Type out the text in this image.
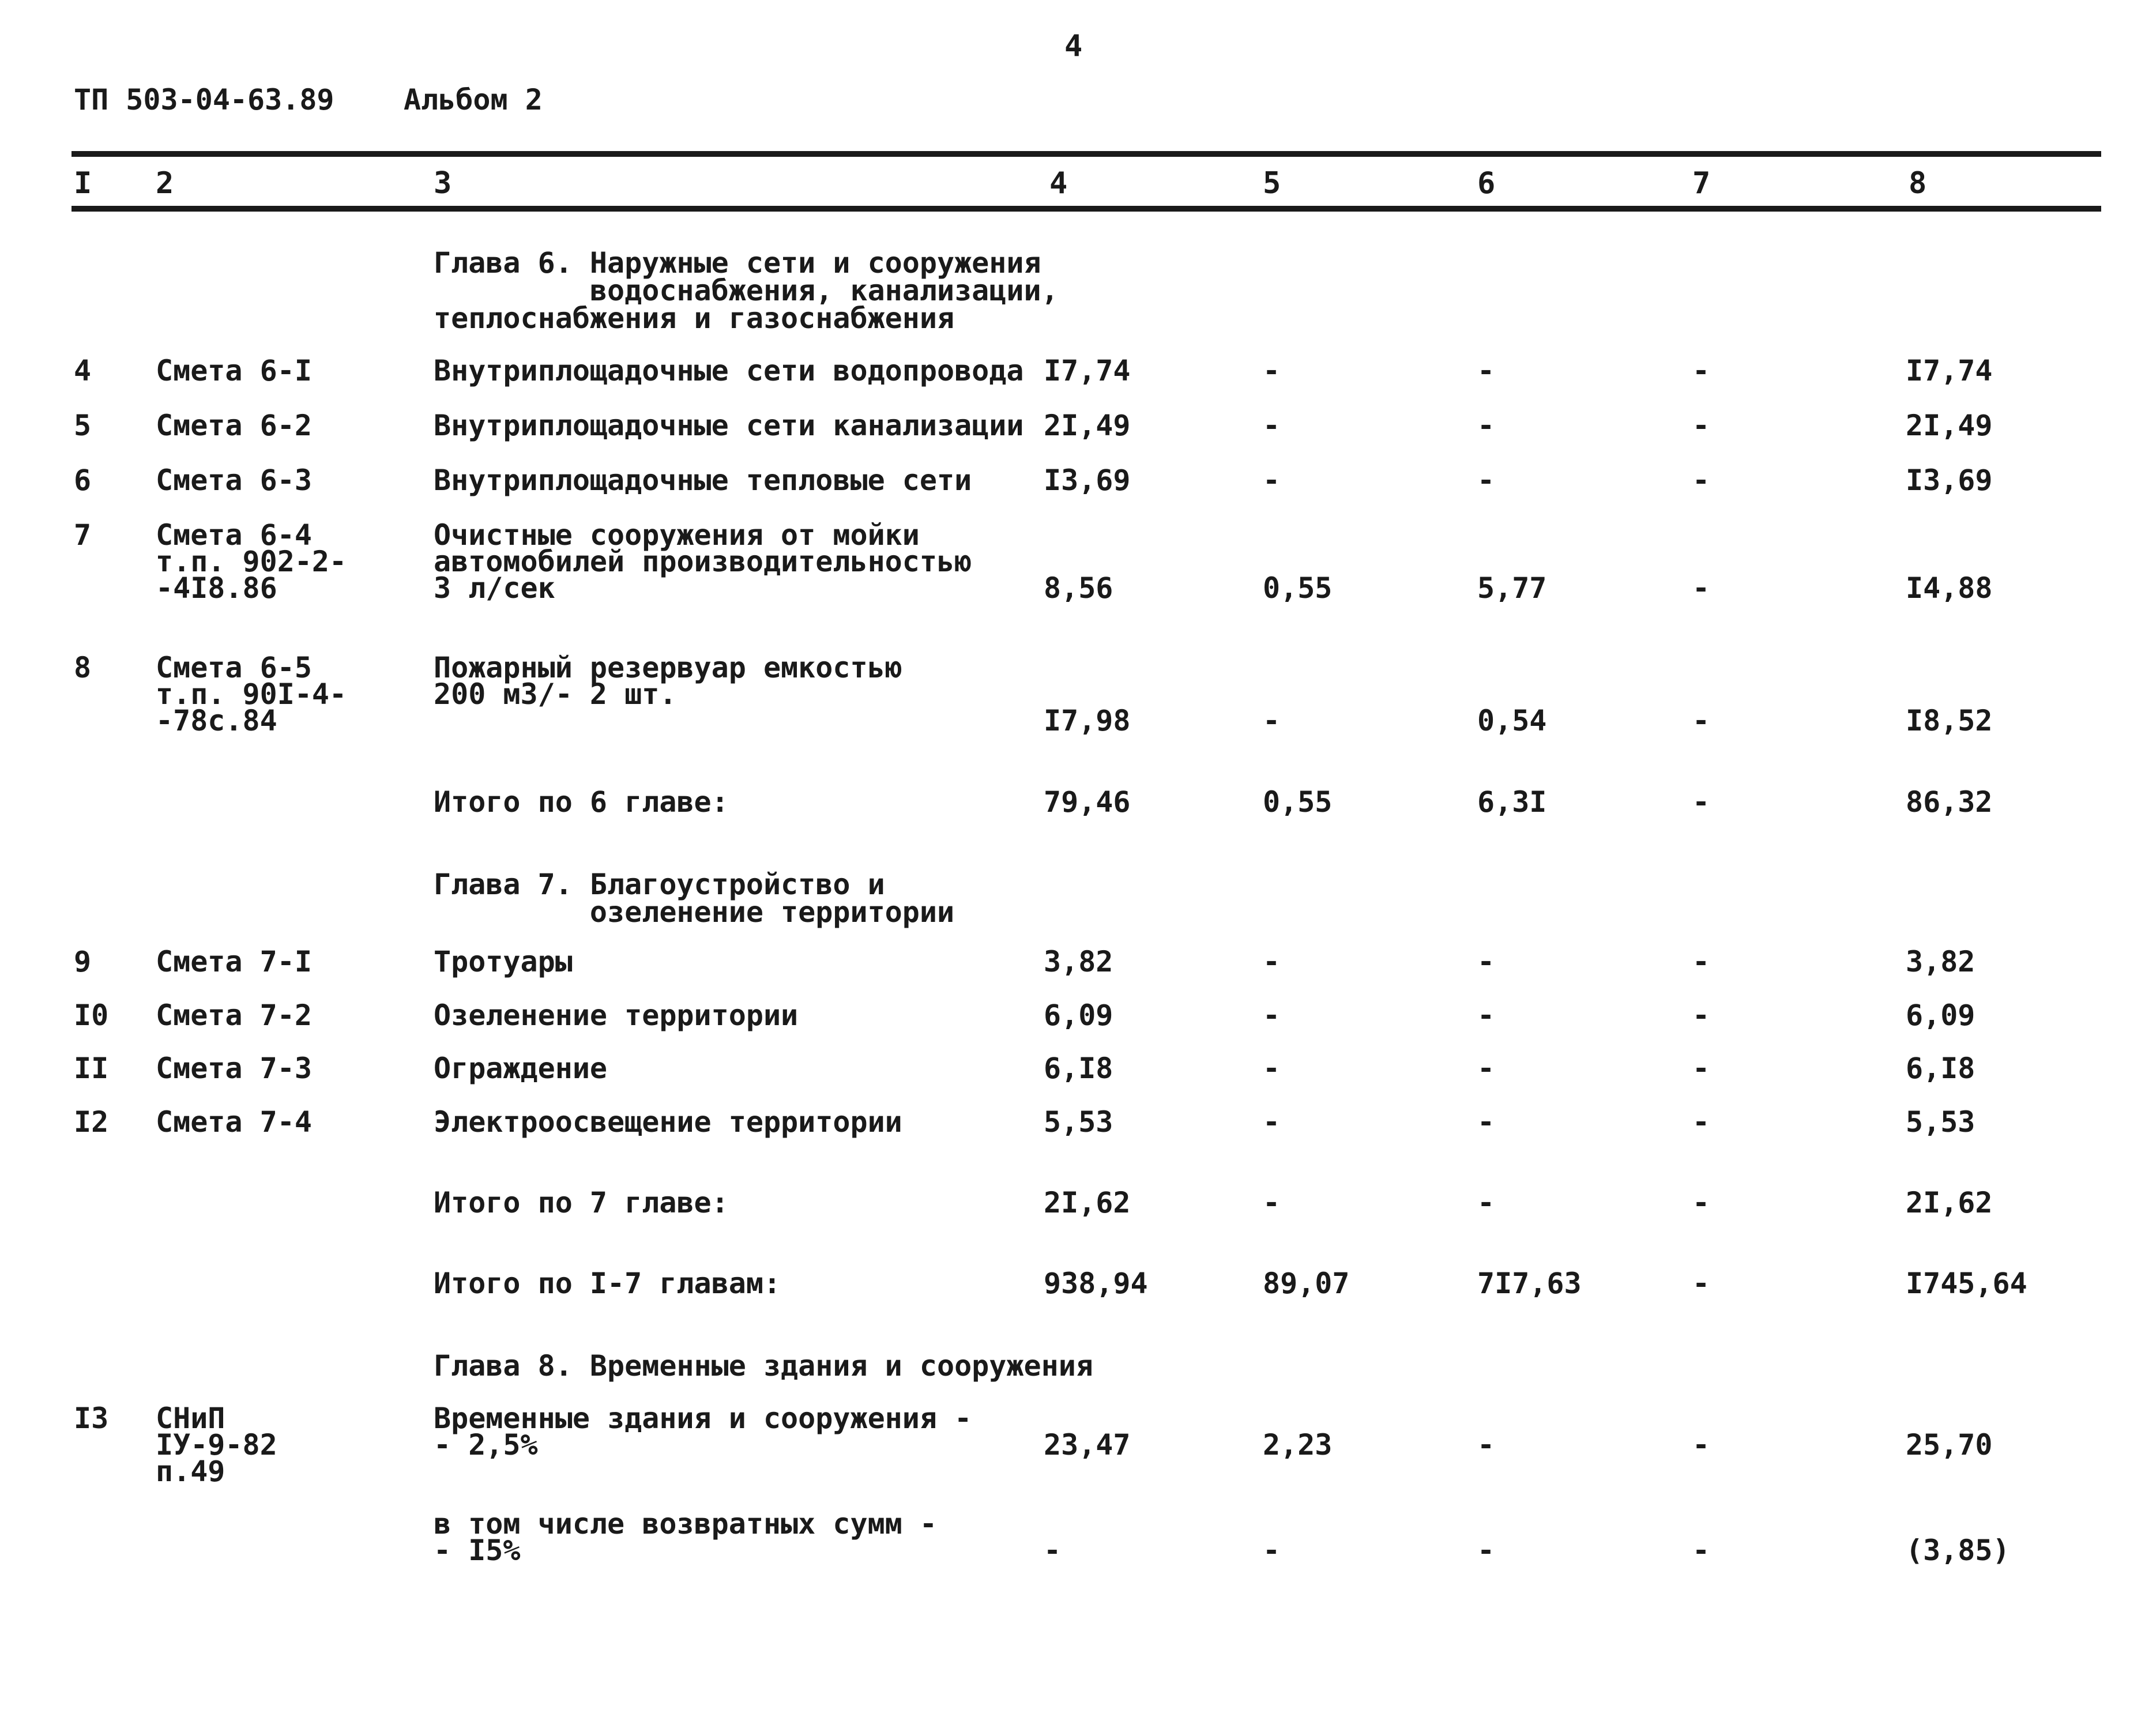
4
ТП 503-04-63.89 Альбом 2
I 2	3	4	5	6	7	8
Глава 6. Наружные сети и сооружения
водоснабжения, канализации,
теплоснабжения и газоснабжения
4 Смета 6-I	Внутриплощадочные сети водопровода I7,74	-	-	-	I7,74
5 Смета 6-2	Внутриплощадочные сети канализации 2I,49	-	-	-	2I,49
6 Смета 6-3	Внутриплощадочные тепловые сети I3,69	-	-	-	I3,69
7 Смета 6-4
т.п. 902-2-
-4I8.86
Очистные сооружения от мойки
автомобилей производительностью
3 л/сек	8,56	0,55	5,77	-	I4,88
8 Смета 6-5
т.п. 90I-4-
-78с.84
Пожарный резервуар емкостью
200 м3/- 2 шт.
I7,98	-	0,54	-	I8,52
Итого по 6 главе:	79,46	0,55	6,3I	-	86,32
Глава 7. Благоустройство и
озеленение территории
9 Смета 7-I	Тротуары	3,82	-	-	-	3,82
I0 Смета 7-2	Озеленение территории	6,09	-	-	-	6,09
II Смета 7-3	Ограждение	6,I8	-	-	-	6,I8
I2 Смета 7-4	Электроосвещение территории	5,53	-	-	-	5,53
Итого по 7 главе:	2I,62	-	-	-	2I,62
Итого по I-7 главам:	938,94	89,07	7I7,63	-	I745,64
Глава 8. Временные здания и сооружения
I3 СНиП
IУ-9-82
п.49
Временные здания и сооружения -
- 2,5%	23,47	2,23	-	-	25,70
в том числе возвратных сумм -
- I5%	-	-	-	-	(3,85)
